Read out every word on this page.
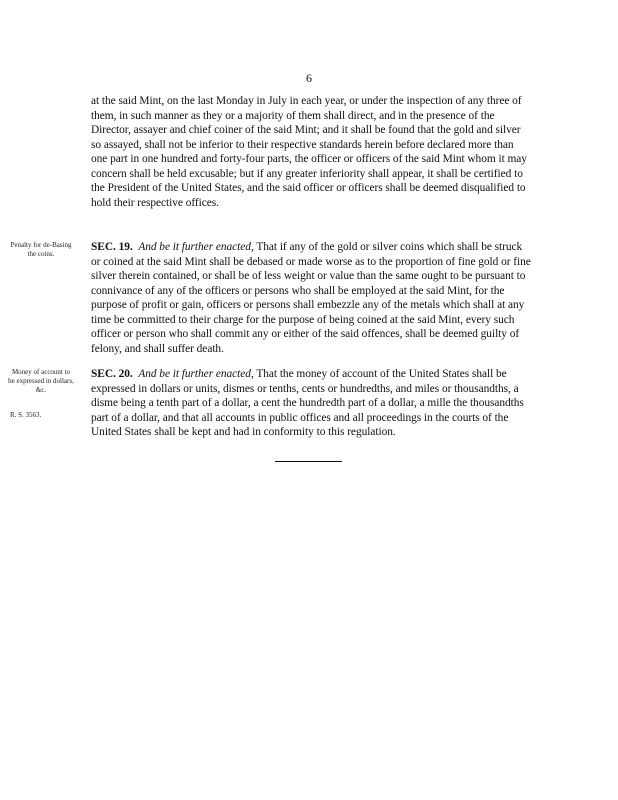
6

at the said Mint, on the last Monday in July in each year, or under the inspection of any three of them, in such manner as they or a majority of them shall direct, and in the presence of the Director, assayer and chief coiner of the said Mint; and it shall be found that the gold and silver so assayed, shall not be inferior to their respective standards herein before declared more than one part in one hundred and forty-four parts, the officer or officers of the said Mint whom it may concern shall be held excusable; but if any greater inferiority shall appear, it shall be certified to the President of the United States, and the said officer or officers shall be deemed disqualified to hold their respective offices.

Penalty for de-Basing the coins.

SEC. 19. And be it further enacted, That if any of the gold or silver coins which shall be struck or coined at the said Mint shall be debased or made worse as to the proportion of fine gold or fine silver therein contained, or shall be of less weight or value than the same ought to be pursuant to connivance of any of the officers or persons who shall be employed at the said Mint, for the purpose of profit or gain, officers or persons shall embezzle any of the metals which shall at any time be committed to their charge for the purpose of being coined at the said Mint, every such officer or person who shall commit any or either of the said offences, shall be deemed guilty of felony, and shall suffer death.

Money of account to be expressed in dollars, &c.
R. S. 3563.

SEC. 20. And be it further enacted, That the money of account of the United States shall be expressed in dollars or units, dismes or tenths, cents or hundredths, and miles or thousandths, a disme being a tenth part of a dollar, a cent the hundredth part of a dollar, a mille the thousandths part of a dollar, and that all accounts in public offices and all proceedings in the courts of the United States shall be kept and had in conformity to this regulation.
